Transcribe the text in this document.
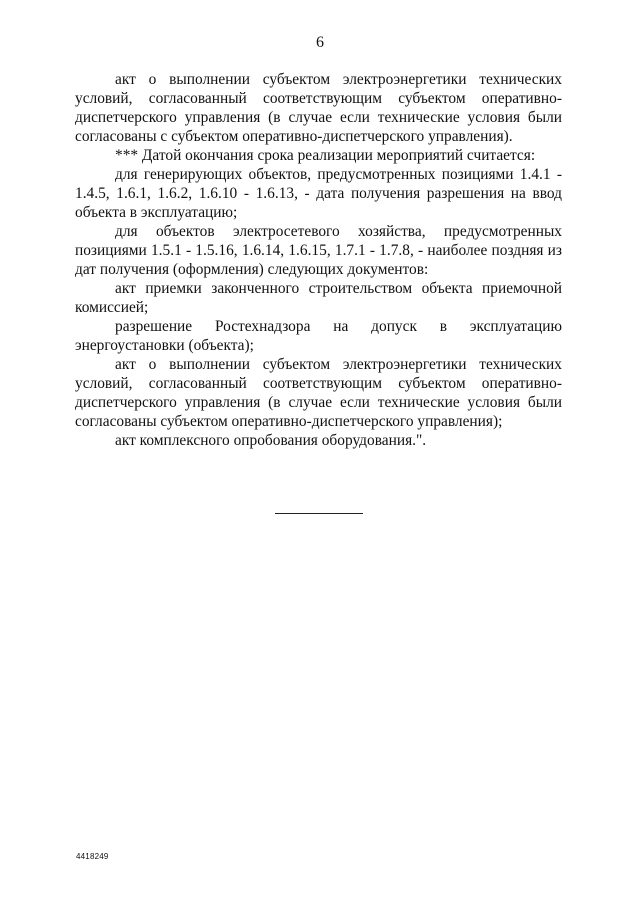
6

акт о выполнении субъектом электроэнергетики технических условий, согласованный соответствующим субъектом оперативно-диспетчерского управления (в случае если технические условия были согласованы с субъектом оперативно-диспетчерского управления).

*** Датой окончания срока реализации мероприятий считается:

для генерирующих объектов, предусмотренных позициями 1.4.1 - 1.4.5, 1.6.1, 1.6.2, 1.6.10 - 1.6.13, - дата получения разрешения на ввод объекта в эксплуатацию;

для объектов электросетевого хозяйства, предусмотренных позициями 1.5.1 - 1.5.16, 1.6.14, 1.6.15, 1.7.1 - 1.7.8, - наиболее поздняя из дат получения (оформления) следующих документов:

акт приемки законченного строительством объекта приемочной комиссией;

разрешение Ростехнадзора на допуск в эксплуатацию энергоустановки (объекта);

акт о выполнении субъектом электроэнергетики технических условий, согласованный соответствующим субъектом оперативно-диспетчерского управления (в случае если технические условия были согласованы субъектом оперативно-диспетчерского управления);

акт комплексного опробования оборудования.".

4418249
